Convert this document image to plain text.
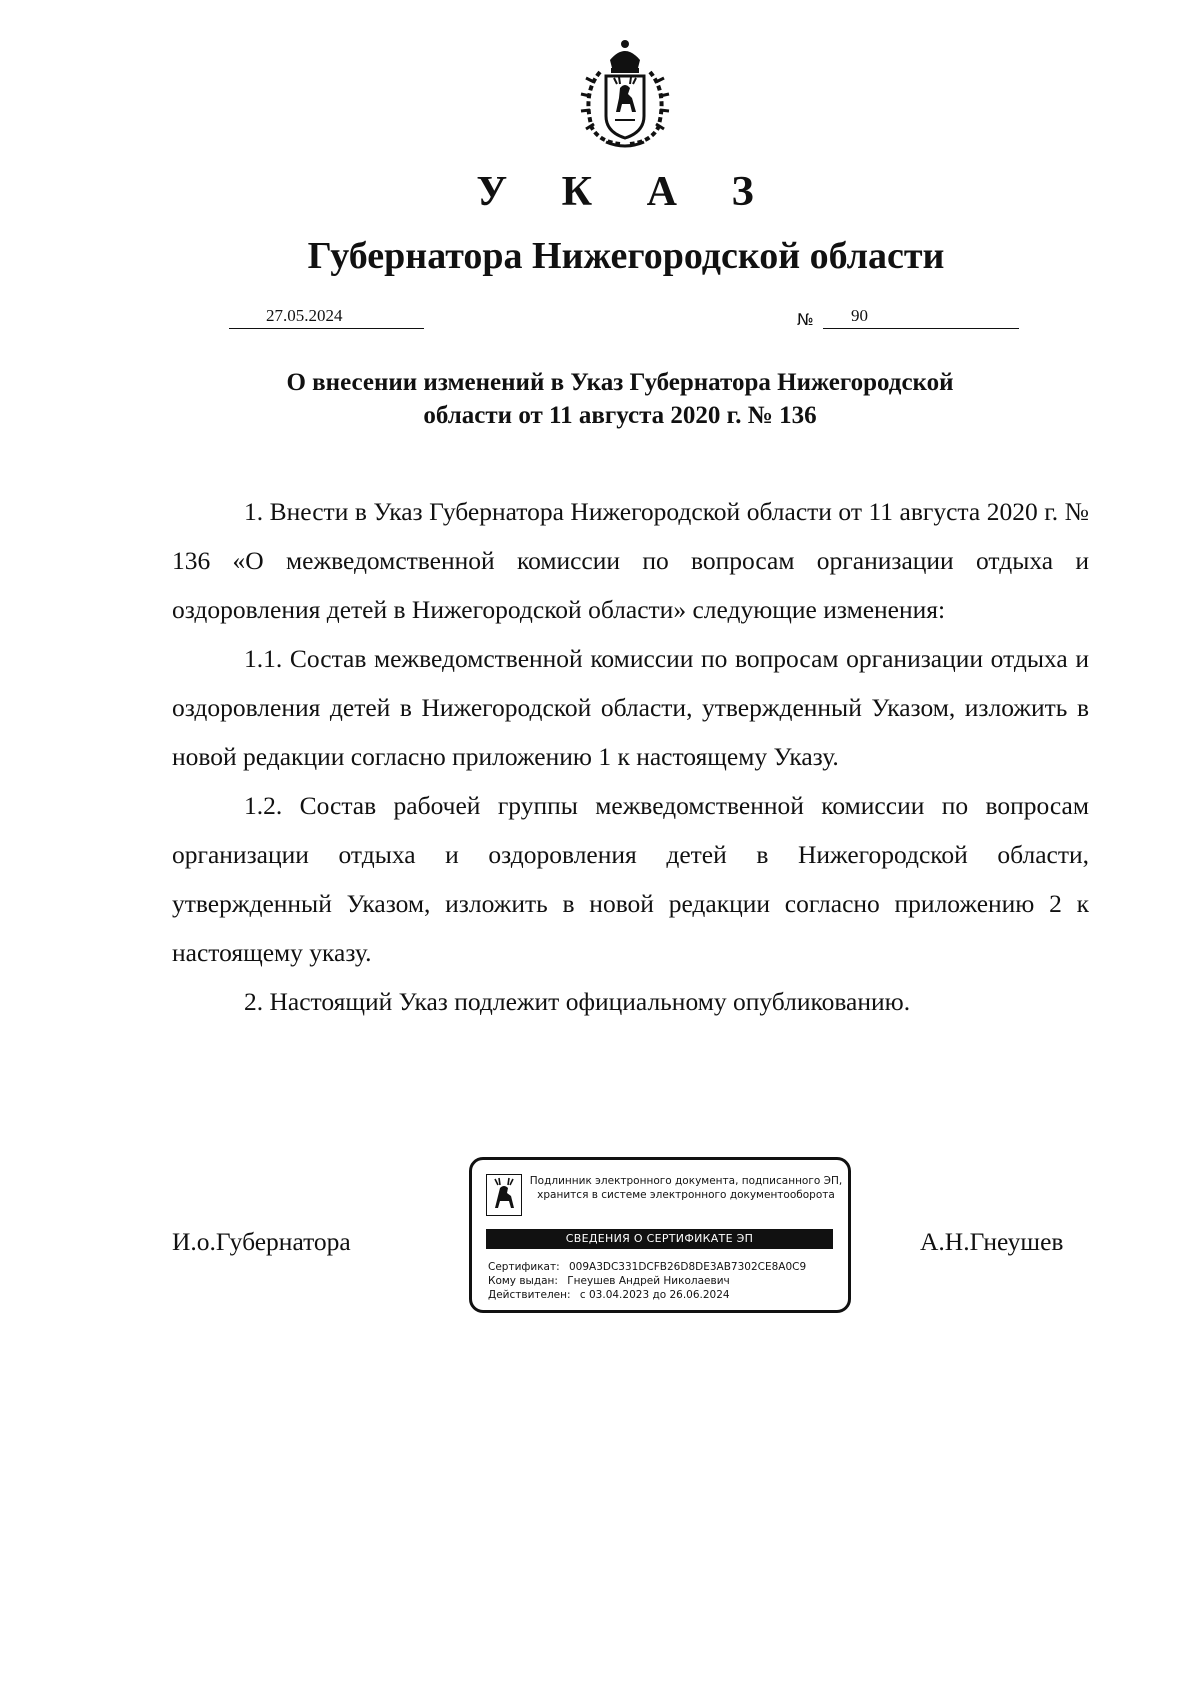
У К А З
Губернатора Нижегородской области
27.05.2024	№	90
О внесении изменений в Указ Губернатора Нижегородской
области от 11 августа 2020 г. № 136

1. Внести в Указ Губернатора Нижегородской области от 11 августа 2020 г. № 136 «О межведомственной комиссии по вопросам организации отдыха и оздоровления детей в Нижегородской области» следующие изменения:

1.1. Состав межведомственной комиссии по вопросам организации отдыха и оздоровления детей в Нижегородской области, утвержденный Указом, изложить в новой редакции согласно приложению 1 к настоящему Указу.

1.2. Состав рабочей группы межведомственной комиссии по вопросам организации отдыха и оздоровления детей в Нижегородской области, утвержденный Указом, изложить в новой редакции согласно приложению 2 к настоящему указу.

2. Настоящий Указ подлежит официальному опубликованию.

И.о.Губернатора	А.Н.Гнеушев
Подлинник электронного документа, подписанного ЭП,
хранится в системе электронного документооборота
СВЕДЕНИЯ О СЕРТИФИКАТЕ ЭП
Сертификат: 009A3DC331DCFB26D8DE3AB7302CE8A0C9
Кому выдан: Гнеушев Андрей Николаевич
Действителен: с 03.04.2023 до 26.06.2024
